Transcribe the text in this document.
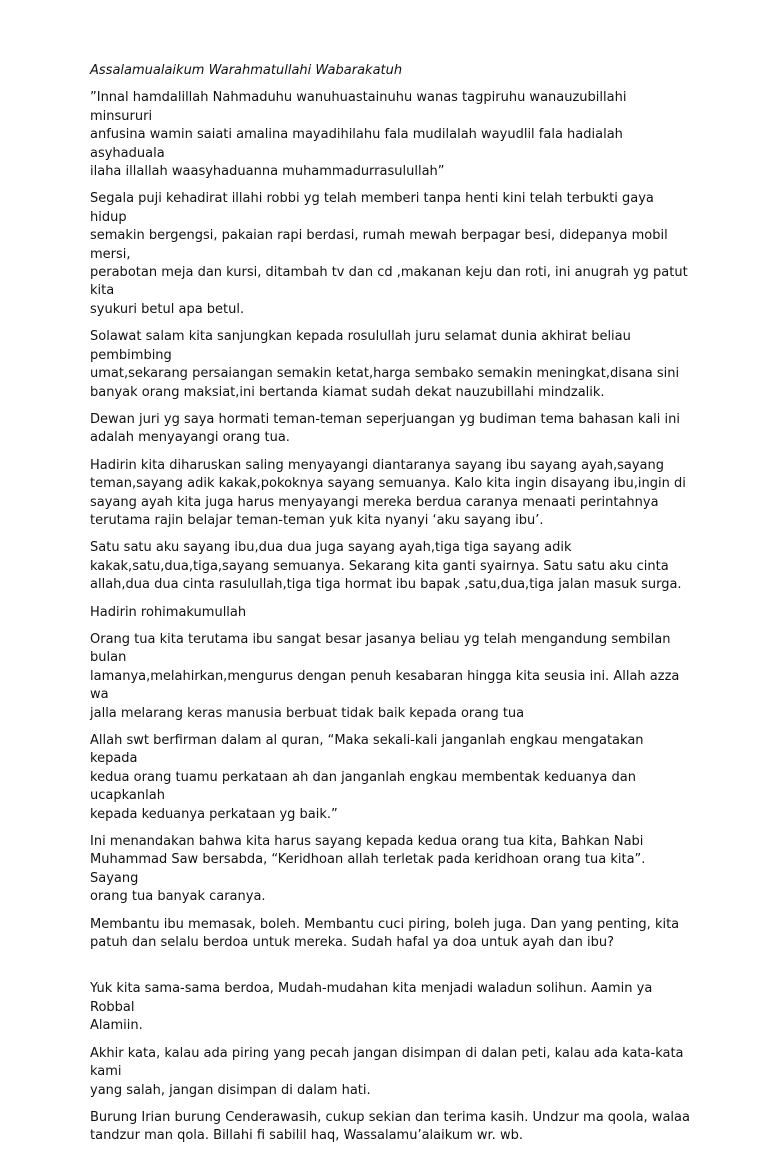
Assalamualaikum Warahmatullahi Wabarakatuh

”Innal hamdalillah Nahmaduhu wanuhuastainuhu wanas tagpiruhu wanauzubillahi minsururi
anfusina wamin saiati amalina mayadihilahu fala mudilalah wayudlil fala hadialah asyhaduala
ilaha illallah waasyhaduanna muhammadurrasulullah”

Segala puji kehadirat illahi robbi yg telah memberi tanpa henti kini telah terbukti gaya hidup
semakin bergengsi, pakaian rapi berdasi, rumah mewah berpagar besi, didepanya mobil mersi,
perabotan meja dan kursi, ditambah tv dan cd ,makanan keju dan roti, ini anugrah yg patut kita
syukuri betul apa betul.

Solawat salam kita sanjungkan kepada rosulullah juru selamat dunia akhirat beliau pembimbing
umat,sekarang persaiangan semakin ketat,harga sembako semakin meningkat,disana sini
banyak orang maksiat,ini bertanda kiamat sudah dekat nauzubillahi mindzalik.

Dewan juri yg saya hormati teman-teman seperjuangan yg budiman tema bahasan kali ini
adalah menyayangi orang tua.

Hadirin kita diharuskan saling menyayangi diantaranya sayang ibu sayang ayah,sayang
teman,sayang adik kakak,pokoknya sayang semuanya. Kalo kita ingin disayang ibu,ingin di
sayang ayah kita juga harus menyayangi mereka berdua caranya menaati perintahnya
terutama rajin belajar teman-teman yuk kita nyanyi ‘aku sayang ibu’.

Satu satu aku sayang ibu,dua dua juga sayang ayah,tiga tiga sayang adik
kakak,satu,dua,tiga,sayang semuanya. Sekarang kita ganti syairnya. Satu satu aku cinta
allah,dua dua cinta rasulullah,tiga tiga hormat ibu bapak ,satu,dua,tiga jalan masuk surga.

Hadirin rohimakumullah

Orang tua kita terutama ibu sangat besar jasanya beliau yg telah mengandung sembilan bulan
lamanya,melahirkan,mengurus dengan penuh kesabaran hingga kita seusia ini. Allah azza wa
jalla melarang keras manusia berbuat tidak baik kepada orang tua

Allah swt berfirman dalam al quran, “Maka sekali-kali janganlah engkau mengatakan kepada
kedua orang tuamu perkataan ah dan janganlah engkau membentak keduanya dan ucapkanlah
kepada keduanya perkataan yg baik.”

Ini menandakan bahwa kita harus sayang kepada kedua orang tua kita, Bahkan Nabi
Muhammad Saw bersabda, “Keridhoan allah terletak pada keridhoan orang tua kita”. Sayang
orang tua banyak caranya.

Membantu ibu memasak, boleh. Membantu cuci piring, boleh juga. Dan yang penting, kita
patuh dan selalu berdoa untuk mereka. Sudah hafal ya doa untuk ayah dan ibu?

Yuk kita sama-sama berdoa, Mudah-mudahan kita menjadi waladun solihun. Aamin ya Robbal
Alamiin.

Akhir kata, kalau ada piring yang pecah jangan disimpan di dalan peti, kalau ada kata-kata kami
yang salah, jangan disimpan di dalam hati.

Burung Irian burung Cenderawasih, cukup sekian dan terima kasih. Undzur ma qoola, walaa
tandzur man qola. Billahi fi sabilil haq, Wassalamu’alaikum wr. wb.
